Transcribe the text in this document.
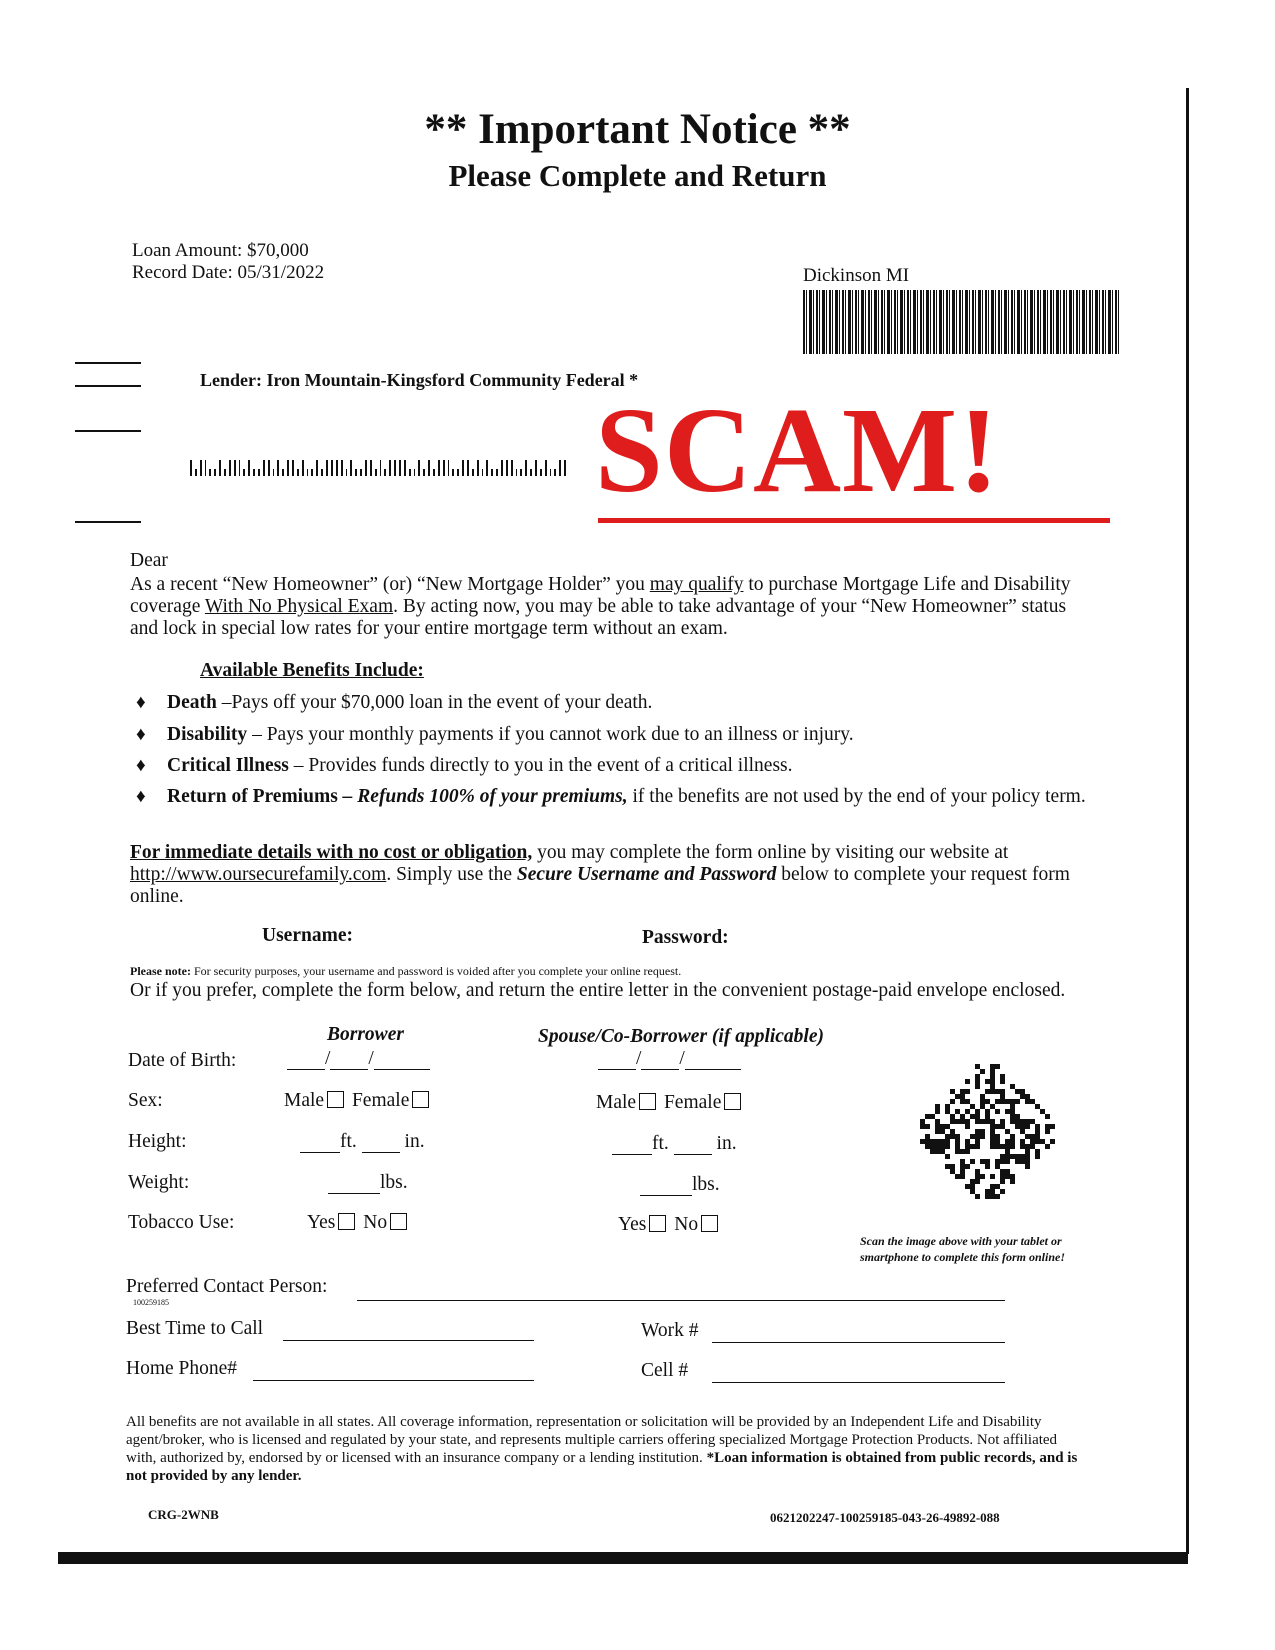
** Important Notice **
Please Complete and Return
Loan Amount: $70,000
Record Date: 05/31/2022	Dickinson MI
Lender: Iron Mountain-Kingsford Community Federal *
SCAM!
Dear
As a recent “New Homeowner” (or) “New Mortgage Holder” you may qualify to purchase Mortgage Life and Disability coverage With No Physical Exam. By acting now, you may be able to take advantage of your “New Homeowner” status and lock in special low rates for your entire mortgage term without an exam.
Available Benefits Include:
♦ Death –Pays off your $70,000 loan in the event of your death.
♦ Disability – Pays your monthly payments if you cannot work due to an illness or injury.
♦ Critical Illness – Provides funds directly to you in the event of a critical illness.
♦ Return of Premiums – Refunds 100% of your premiums, if the benefits are not used by the end of your policy term.
For immediate details with no cost or obligation, you may complete the form online by visiting our website at http://www.oursecurefamily.com. Simply use the Secure Username and Password below to complete your request form online.
Username:	Password:
Please note: For security purposes, your username and password is voided after you complete your online request.
Or if you prefer, complete the form below, and return the entire letter in the convenient postage-paid envelope enclosed.
Borrower	Spouse/Co-Borrower (if applicable)
Date of Birth:	/ /	/ /
Sex:	Male Female	Male Female
Height:	ft. in.	ft. in.
Weight:	lbs.	lbs.
Tobacco Use:	Yes No	Yes No
Scan the image above with your tablet or smartphone to complete this form online!
Preferred Contact Person:
100259185
Best Time to Call	Work #
Home Phone#	Cell #
All benefits are not available in all states. All coverage information, representation or solicitation will be provided by an Independent Life and Disability agent/broker, who is licensed and regulated by your state, and represents multiple carriers offering specialized Mortgage Protection Products. Not affiliated with, authorized by, endorsed by or licensed with an insurance company or a lending institution. *Loan information is obtained from public records, and is not provided by any lender.
CRG-2WNB	0621202247-100259185-043-26-49892-088
